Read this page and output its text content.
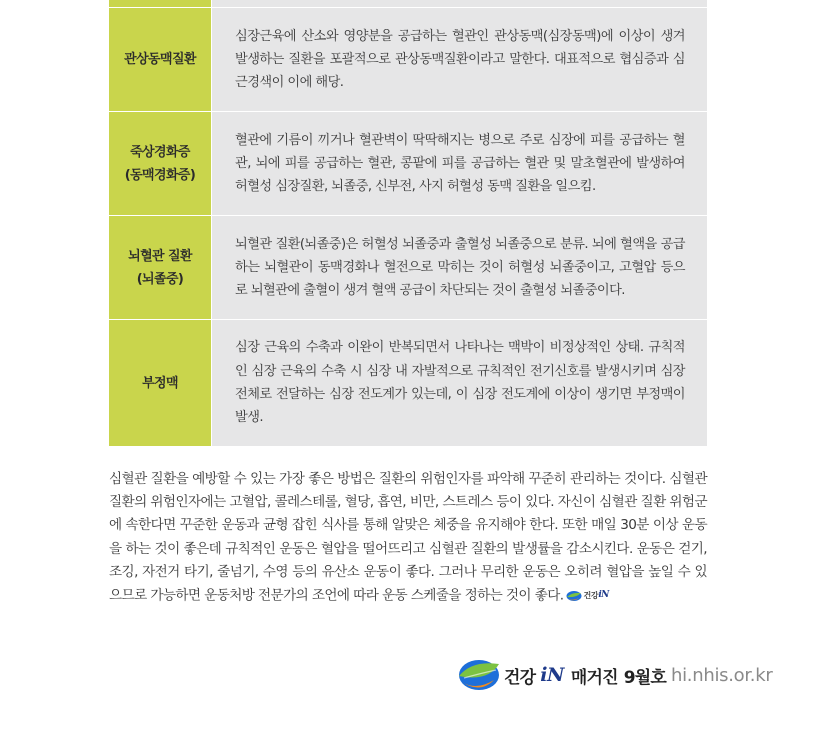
관상동맥질환

심장근육에 산소와 영양분을 공급하는 혈관인 관상동맥(심장동맥)에 이상이 생겨 발생하는 질환을 포괄적으로 관상동맥질환이라고 말한다. 대표적으로 협심증과 심근경색이 이에 해당.

죽상경화증 (동맥경화증)

혈관에 기름이 끼거나 혈관벽이 딱딱해지는 병으로 주로 심장에 피를 공급하는 혈관, 뇌에 피를 공급하는 혈관, 콩팥에 피를 공급하는 혈관 및 말초혈관에 발생하여 허혈성 심장질환, 뇌졸중, 신부전, 사지 허혈성 동맥 질환을 일으킴.

뇌혈관 질환 (뇌졸중)

뇌혈관 질환(뇌졸중)은 허혈성 뇌졸중과 출혈성 뇌졸중으로 분류. 뇌에 혈액을 공급하는 뇌혈관이 동맥경화나 혈전으로 막히는 것이 허혈성 뇌졸중이고, 고혈압 등으로 뇌혈관에 출혈이 생겨 혈액 공급이 차단되는 것이 출혈성 뇌졸중이다.

부정맥

심장 근육의 수축과 이완이 반복되면서 나타나는 맥박이 비정상적인 상태. 규칙적인 심장 근육의 수축 시 심장 내 자발적으로 규칙적인 전기신호를 발생시키며 심장 전체로 전달하는 심장 전도계가 있는데, 이 심장 전도계에 이상이 생기면 부정맥이 발생.

심혈관 질환을 예방할 수 있는 가장 좋은 방법은 질환의 위험인자를 파악해 꾸준히 관리하는 것이다. 심혈관 질환의 위험인자에는 고혈압, 콜레스테롤, 혈당, 흡연, 비만, 스트레스 등이 있다. 자신이 심혈관 질환 위험군에 속한다면 꾸준한 운동과 균형 잡힌 식사를 통해 알맞은 체중을 유지해야 한다. 또한 매일 30분 이상 운동을 하는 것이 좋은데 규칙적인 운동은 혈압을 떨어뜨리고 심혈관 질환의 발생률을 감소시킨다. 운동은 걷기, 조깅, 자전거 타기, 줄넘기, 수영 등의 유산소 운동이 좋다. 그러나 무리한 운동은 오히려 혈압을 높일 수 있으므로 가능하면 운동처방 전문가의 조언에 따라 운동 스케줄을 정하는 것이 좋다.	건강 iN

건강 iN 매거진 9월호 hi.nhis.or.kr
